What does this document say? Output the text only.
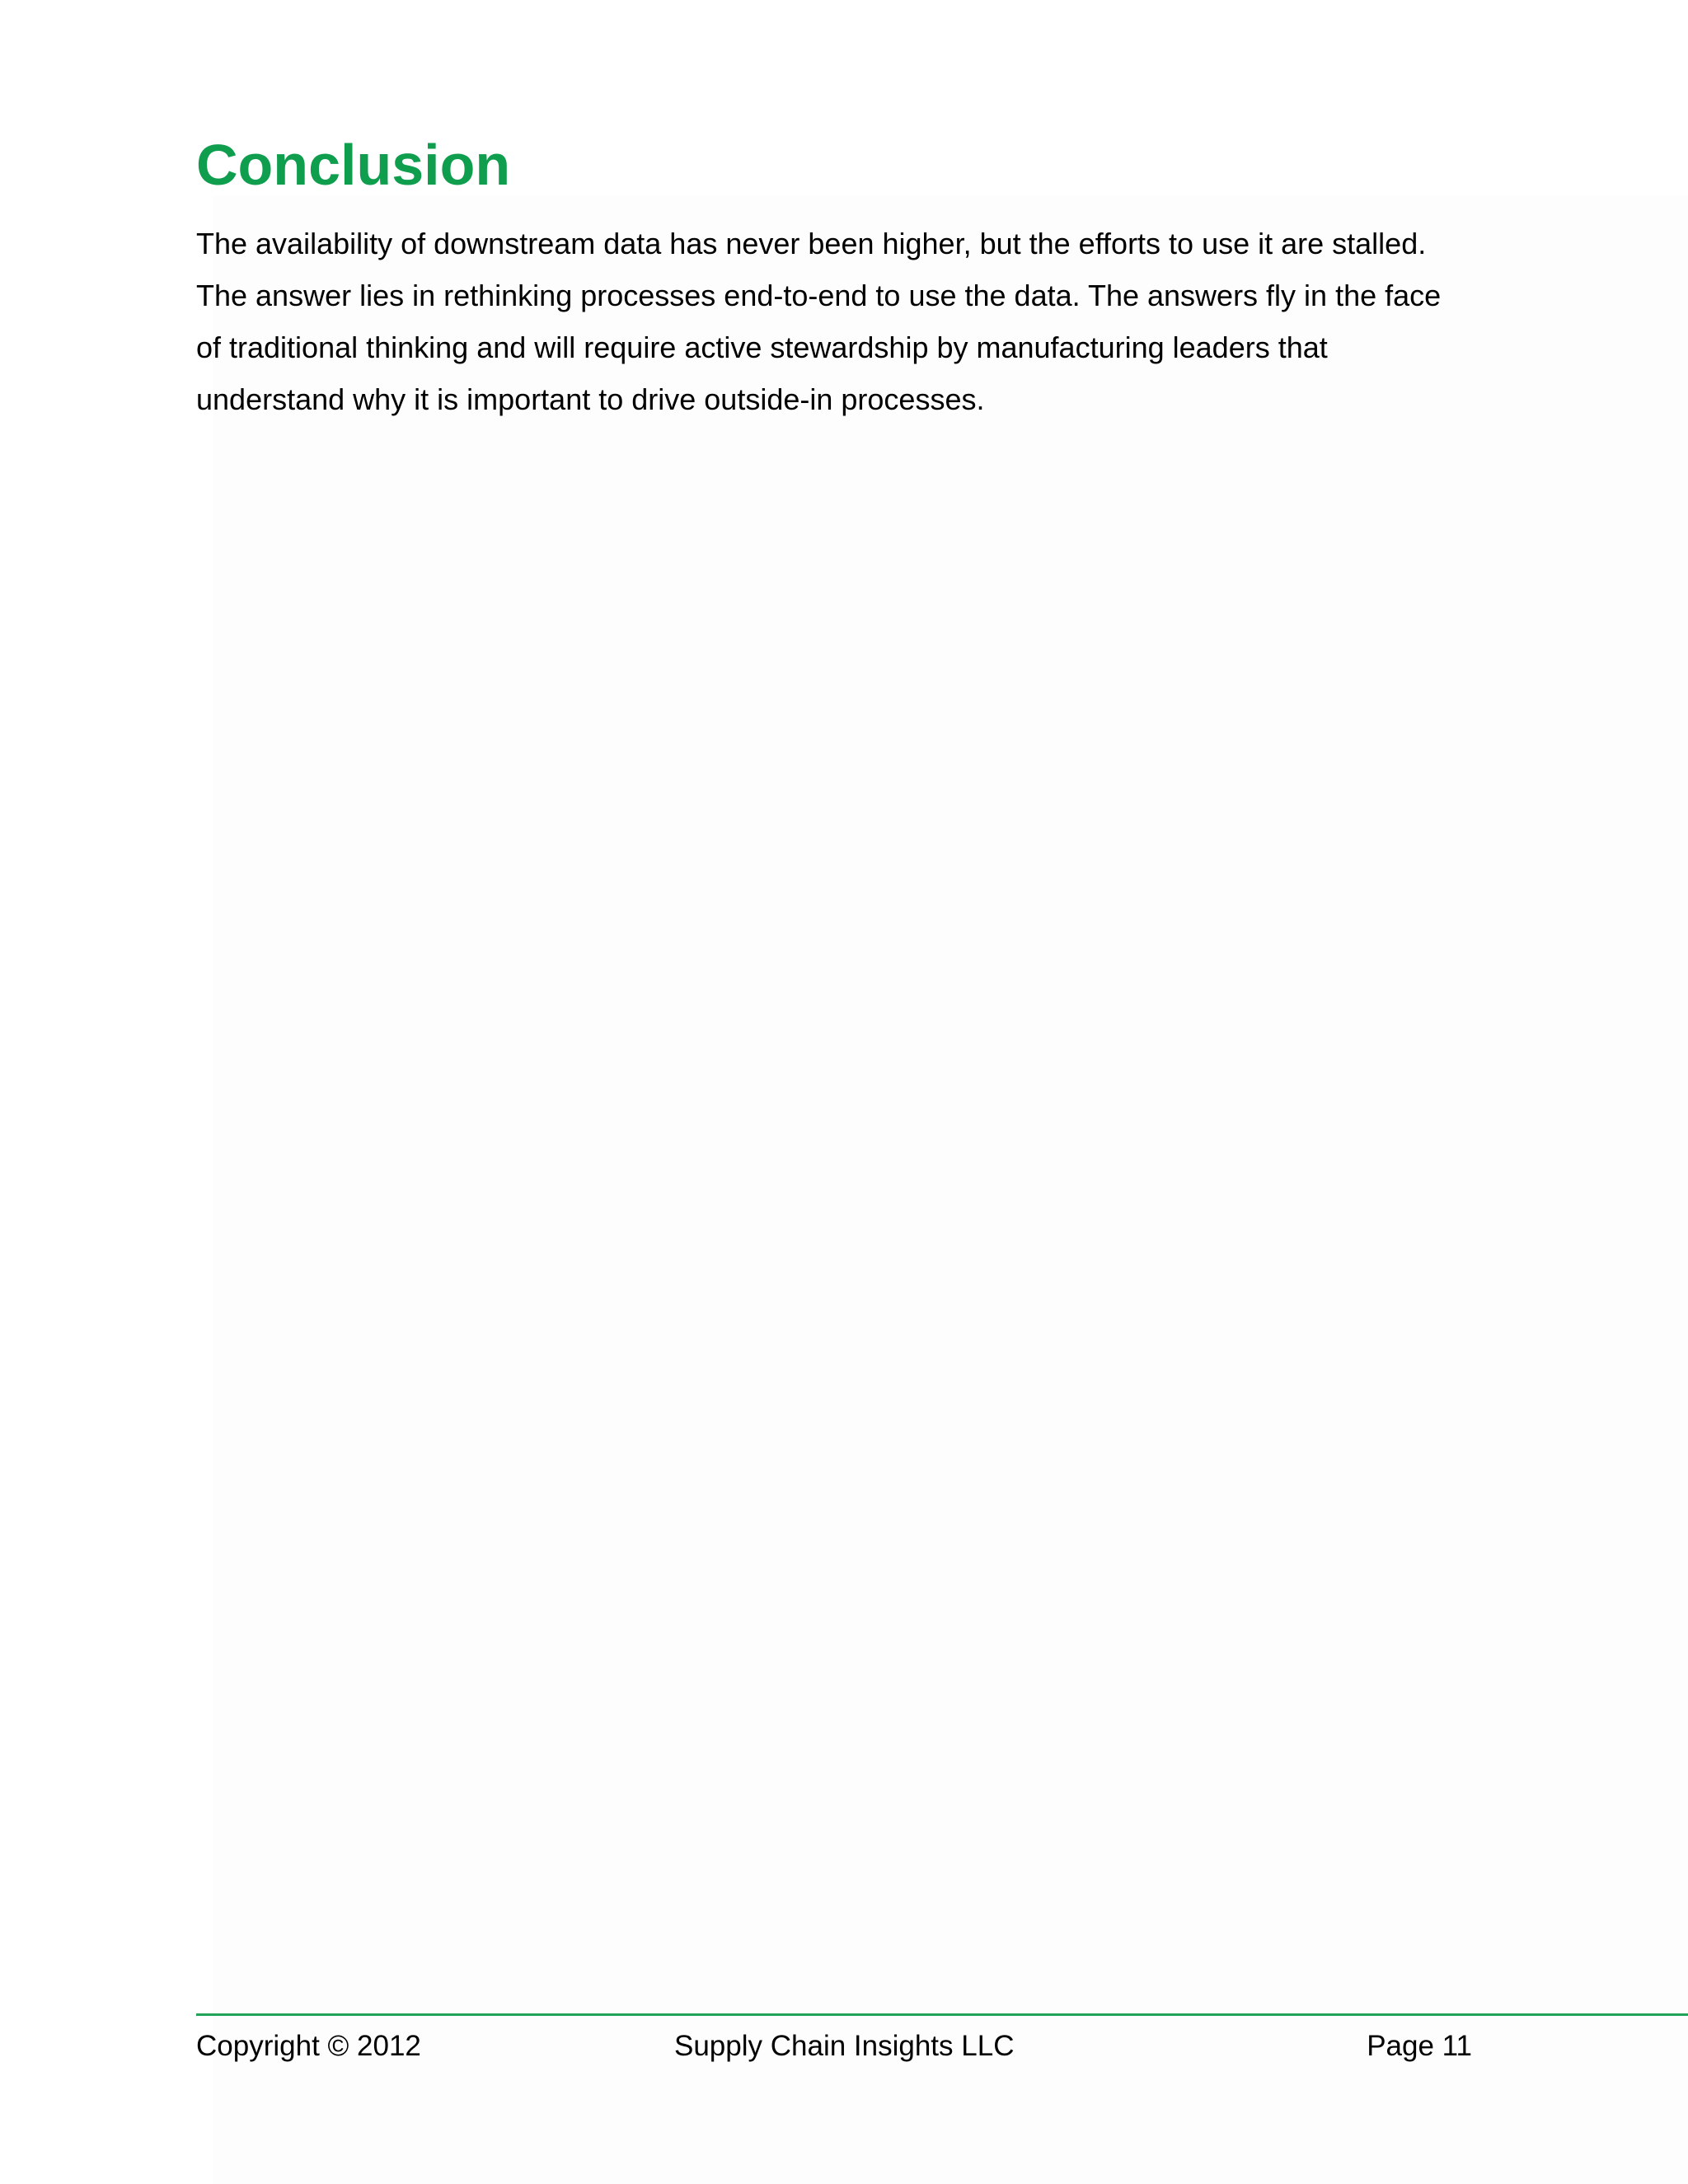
Conclusion

The availability of downstream data has never been higher, but the efforts to use it are stalled.
The answer lies in rethinking processes end-to-end to use the data. The answers fly in the face
of traditional thinking and will require active stewardship by manufacturing leaders that
understand why it is important to drive outside-in processes.

Copyright © 2012	Supply Chain Insights LLC	Page 11
